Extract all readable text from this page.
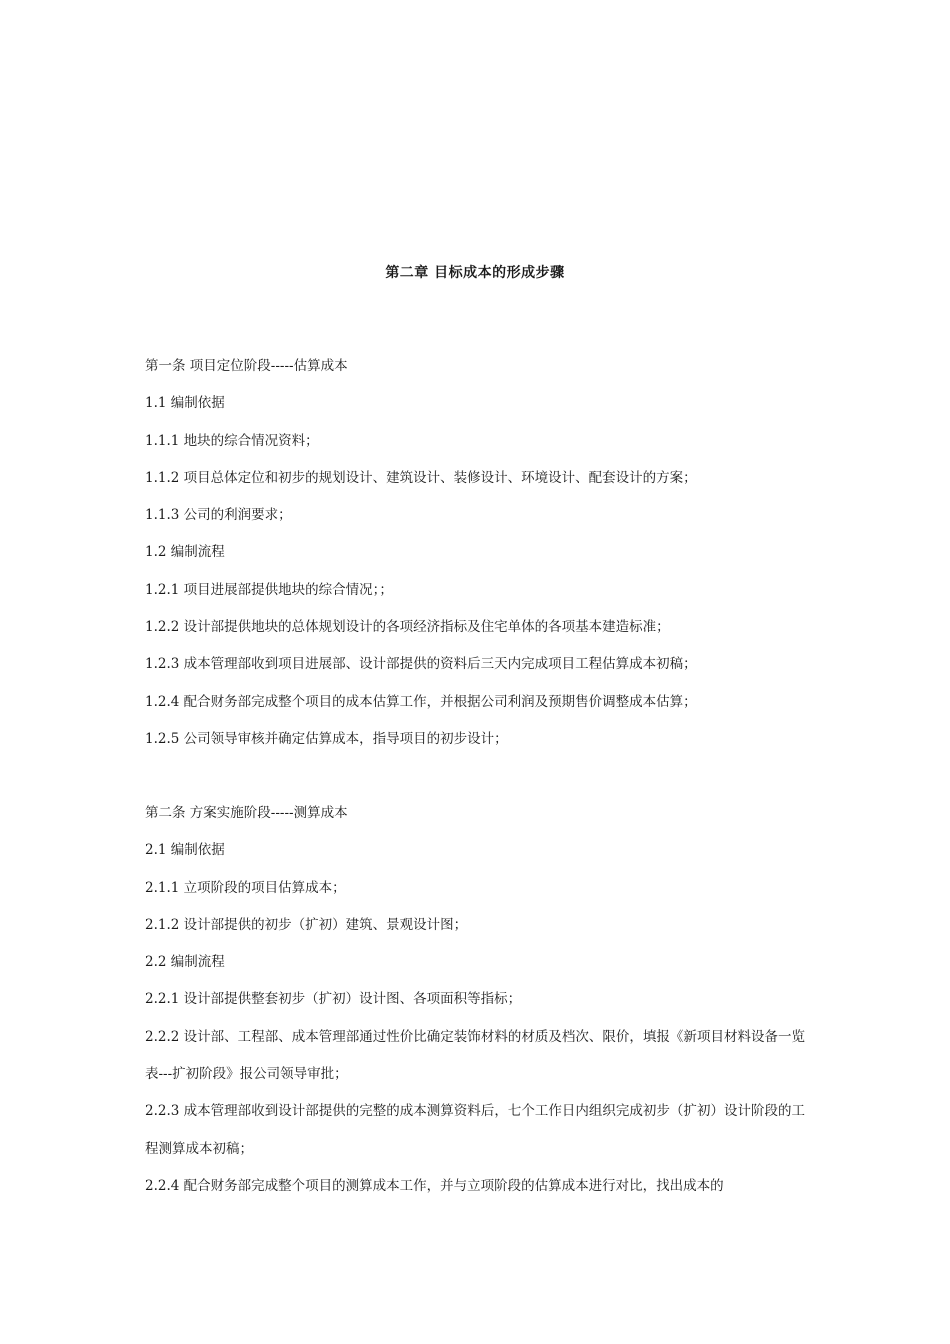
第二章 目标成本的形成步骤

第一条 项目定位阶段-----估算成本

1.1 编制依据

1.1.1 地块的综合情况资料；

1.1.2 项目总体定位和初步的规划设计、建筑设计、装修设计、环境设计、配套设计的方案；

1.1.3 公司的利润要求；

1.2 编制流程

1.2.1 项目进展部提供地块的综合情况；；

1.2.2 设计部提供地块的总体规划设计的各项经济指标及住宅单体的各项基本建造标准；

1.2.3 成本管理部收到项目进展部、设计部提供的资料后三天内完成项目工程估算成本初稿；

1.2.4 配合财务部完成整个项目的成本估算工作，并根据公司利润及预期售价调整成本估算；

1.2.5 公司领导审核并确定估算成本，指导项目的初步设计；

第二条 方案实施阶段-----测算成本

2.1 编制依据

2.1.1 立项阶段的项目估算成本；

2.1.2 设计部提供的初步（扩初）建筑、景观设计图；

2.2 编制流程

2.2.1 设计部提供整套初步（扩初）设计图、各项面积等指标；

2.2.2 设计部、工程部、成本管理部通过性价比确定装饰材料的材质及档次、限价，填报《新项目材料设备一览表---扩初阶段》报公司领导审批；

2.2.3 成本管理部收到设计部提供的完整的成本测算资料后，七个工作日内组织完成初步（扩初）设计阶段的工程测算成本初稿；

2.2.4 配合财务部完成整个项目的测算成本工作，并与立项阶段的估算成本进行对比，找出成本的
